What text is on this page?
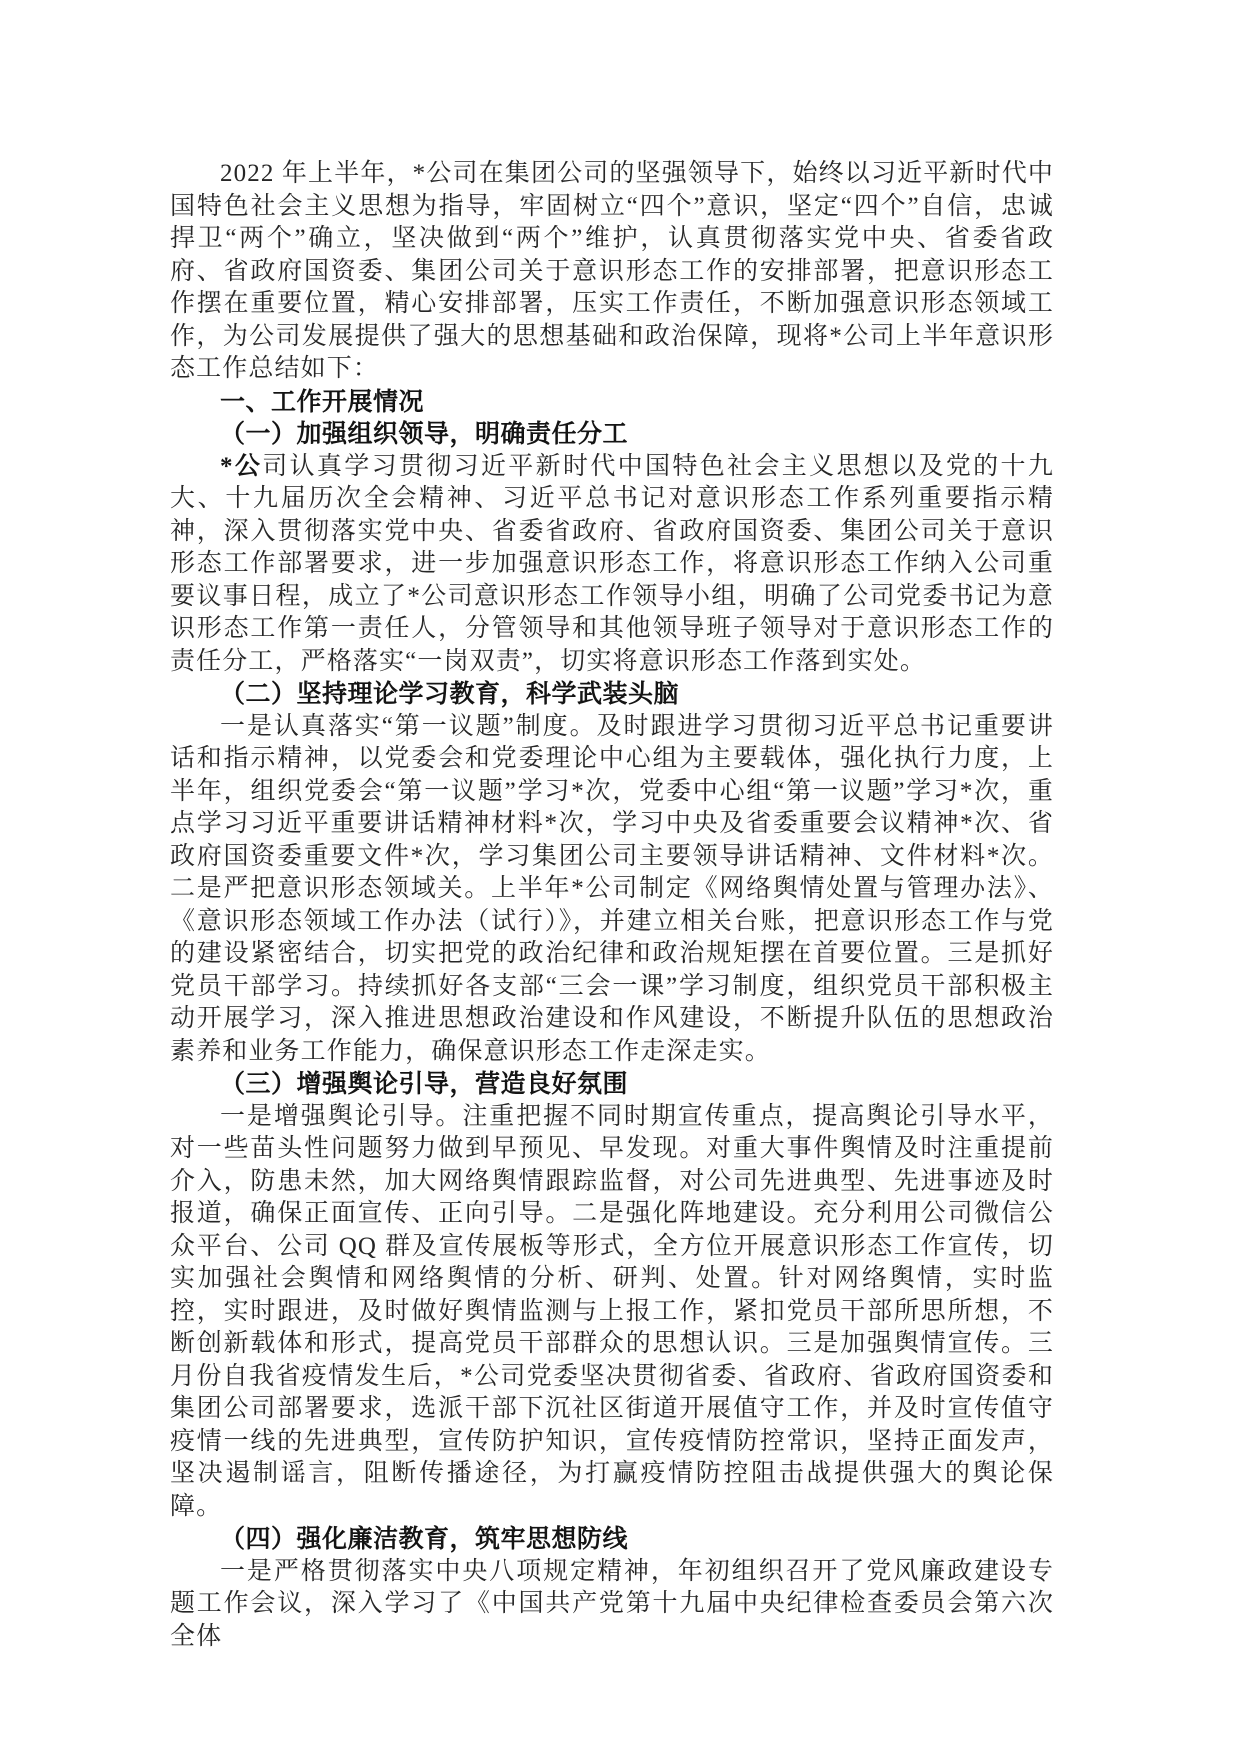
2022 年上半年，*公司在集团公司的坚强领导下，始终以习近平新时代中国特色社会主义思想为指导，牢固树立“四个”意识，坚定“四个”自信，忠诚捍卫“两个”确立，坚决做到“两个”维护，认真贯彻落实党中央、省委省政府、省政府国资委、集团公司关于意识形态工作的安排部署，把意识形态工作摆在重要位置，精心安排部署，压实工作责任，不断加强意识形态领域工作，为公司发展提供了强大的思想基础和政治保障，现将*公司上半年意识形态工作总结如下：

一、工作开展情况

（一）加强组织领导，明确责任分工

*公司认真学习贯彻习近平新时代中国特色社会主义思想以及党的十九大、十九届历次全会精神、习近平总书记对意识形态工作系列重要指示精神，深入贯彻落实党中央、省委省政府、省政府国资委、集团公司关于意识形态工作部署要求，进一步加强意识形态工作，将意识形态工作纳入公司重要议事日程，成立了*公司意识形态工作领导小组，明确了公司党委书记为意识形态工作第一责任人，分管领导和其他领导班子领导对于意识形态工作的责任分工，严格落实“一岗双责”，切实将意识形态工作落到实处。

（二）坚持理论学习教育，科学武装头脑

一是认真落实“第一议题”制度。及时跟进学习贯彻习近平总书记重要讲话和指示精神，以党委会和党委理论中心组为主要载体，强化执行力度，上半年，组织党委会“第一议题”学习*次，党委中心组“第一议题”学习*次，重点学习习近平重要讲话精神材料*次，学习中央及省委重要会议精神*次、省政府国资委重要文件*次，学习集团公司主要领导讲话精神、文件材料*次。二是严把意识形态领域关。上半年*公司制定《网络舆情处置与管理办法》、《意识形态领域工作办法（试行）》，并建立相关台账，把意识形态工作与党的建设紧密结合，切实把党的政治纪律和政治规矩摆在首要位置。三是抓好党员干部学习。持续抓好各支部“三会一课”学习制度，组织党员干部积极主动开展学习，深入推进思想政治建设和作风建设，不断提升队伍的思想政治素养和业务工作能力，确保意识形态工作走深走实。

（三）增强舆论引导，营造良好氛围

一是增强舆论引导。注重把握不同时期宣传重点，提高舆论引导水平，对一些苗头性问题努力做到早预见、早发现。对重大事件舆情及时注重提前介入，防患未然，加大网络舆情跟踪监督，对公司先进典型、先进事迹及时报道，确保正面宣传、正向引导。二是强化阵地建设。充分利用公司微信公众平台、公司 QQ 群及宣传展板等形式，全方位开展意识形态工作宣传，切实加强社会舆情和网络舆情的分析、研判、处置。针对网络舆情，实时监控，实时跟进，及时做好舆情监测与上报工作，紧扣党员干部所思所想，不断创新载体和形式，提高党员干部群众的思想认识。三是加强舆情宣传。三月份自我省疫情发生后，*公司党委坚决贯彻省委、省政府、省政府国资委和集团公司部署要求，选派干部下沉社区街道开展值守工作，并及时宣传值守疫情一线的先进典型，宣传防护知识，宣传疫情防控常识，坚持正面发声，坚决遏制谣言，阻断传播途径，为打赢疫情防控阻击战提供强大的舆论保障。

（四）强化廉洁教育，筑牢思想防线

一是严格贯彻落实中央八项规定精神，年初组织召开了党风廉政建设专题工作会议，深入学习了《中国共产党第十九届中央纪律检查委员会第六次全体
